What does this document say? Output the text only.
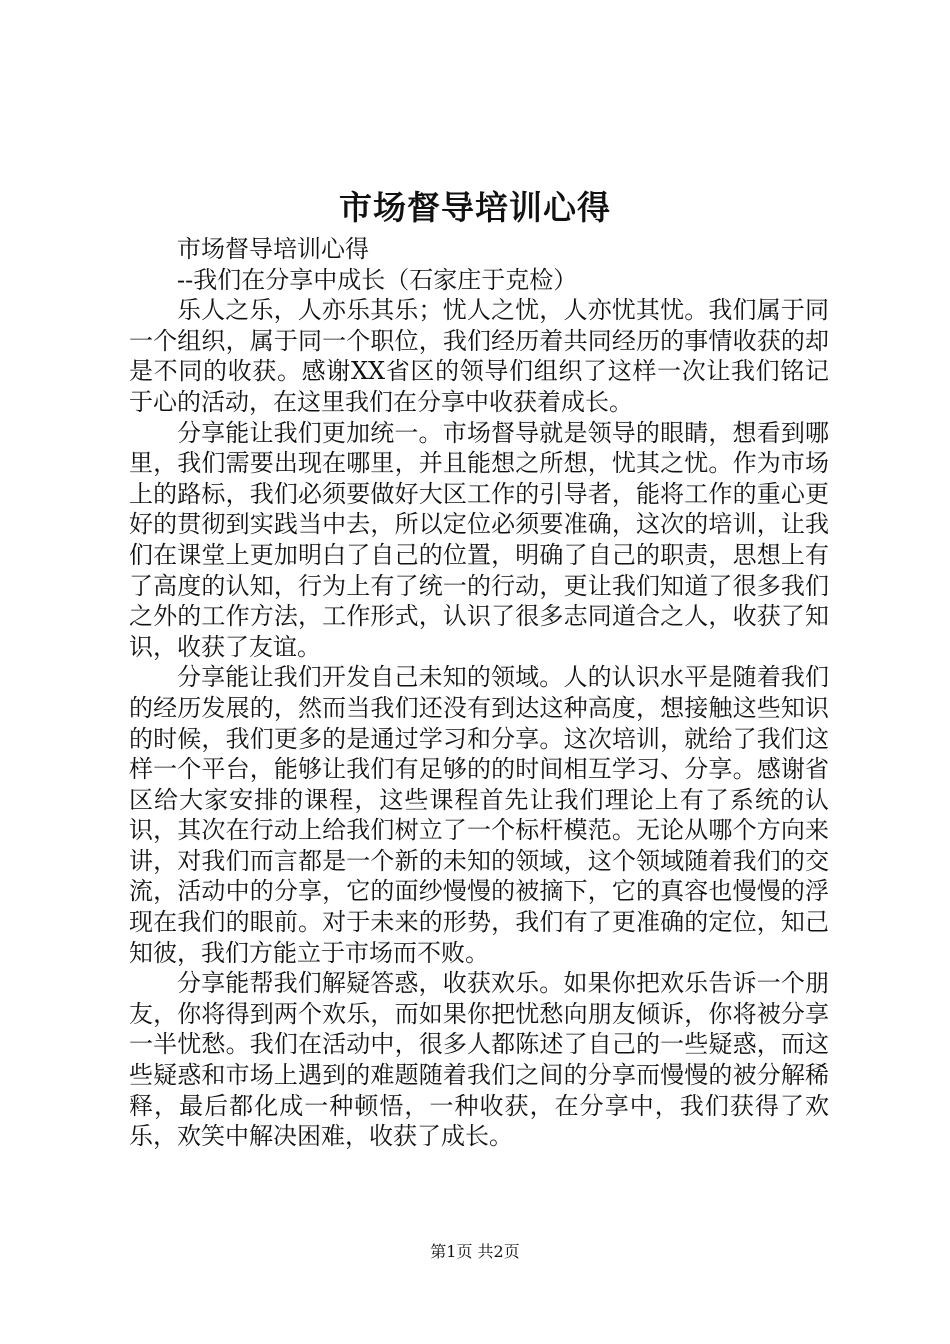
市场督导培训心得

市场督导培训心得

--我们在分享中成长（石家庄于克检）

乐人之乐，人亦乐其乐；忧人之忧，人亦忧其忧。我们属于同一个组织，属于同一个职位，我们经历着共同经历的事情收获的却是不同的收获。感谢XX省区的领导们组织了这样一次让我们铭记于心的活动，在这里我们在分享中收获着成长。

分享能让我们更加统一。市场督导就是领导的眼睛，想看到哪里，我们需要出现在哪里，并且能想之所想，忧其之忧。作为市场上的路标，我们必须要做好大区工作的引导者，能将工作的重心更好的贯彻到实践当中去，所以定位必须要准确，这次的培训，让我们在课堂上更加明白了自己的位置，明确了自己的职责，思想上有了高度的认知，行为上有了统一的行动，更让我们知道了很多我们之外的工作方法，工作形式，认识了很多志同道合之人，收获了知识，收获了友谊。

分享能让我们开发自己未知的领域。人的认识水平是随着我们的经历发展的，然而当我们还没有到达这种高度，想接触这些知识的时候，我们更多的是通过学习和分享。这次培训，就给了我们这样一个平台，能够让我们有足够的的时间相互学习、分享。感谢省区给大家安排的课程，这些课程首先让我们理论上有了系统的认识，其次在行动上给我们树立了一个标杆模范。无论从哪个方向来讲，对我们而言都是一个新的未知的领域，这个领域随着我们的交流，活动中的分享，它的面纱慢慢的被摘下，它的真容也慢慢的浮现在我们的眼前。对于未来的形势，我们有了更准确的定位，知己知彼，我们方能立于市场而不败。

分享能帮我们解疑答惑，收获欢乐。如果你把欢乐告诉一个朋友，你将得到两个欢乐，而如果你把忧愁向朋友倾诉，你将被分享一半忧愁。我们在活动中，很多人都陈述了自己的一些疑惑，而这些疑惑和市场上遇到的难题随着我们之间的分享而慢慢的被分解稀释，最后都化成一种顿悟，一种收获，在分享中，我们获得了欢乐，欢笑中解决困难，收获了成长。

第1页 共2页
